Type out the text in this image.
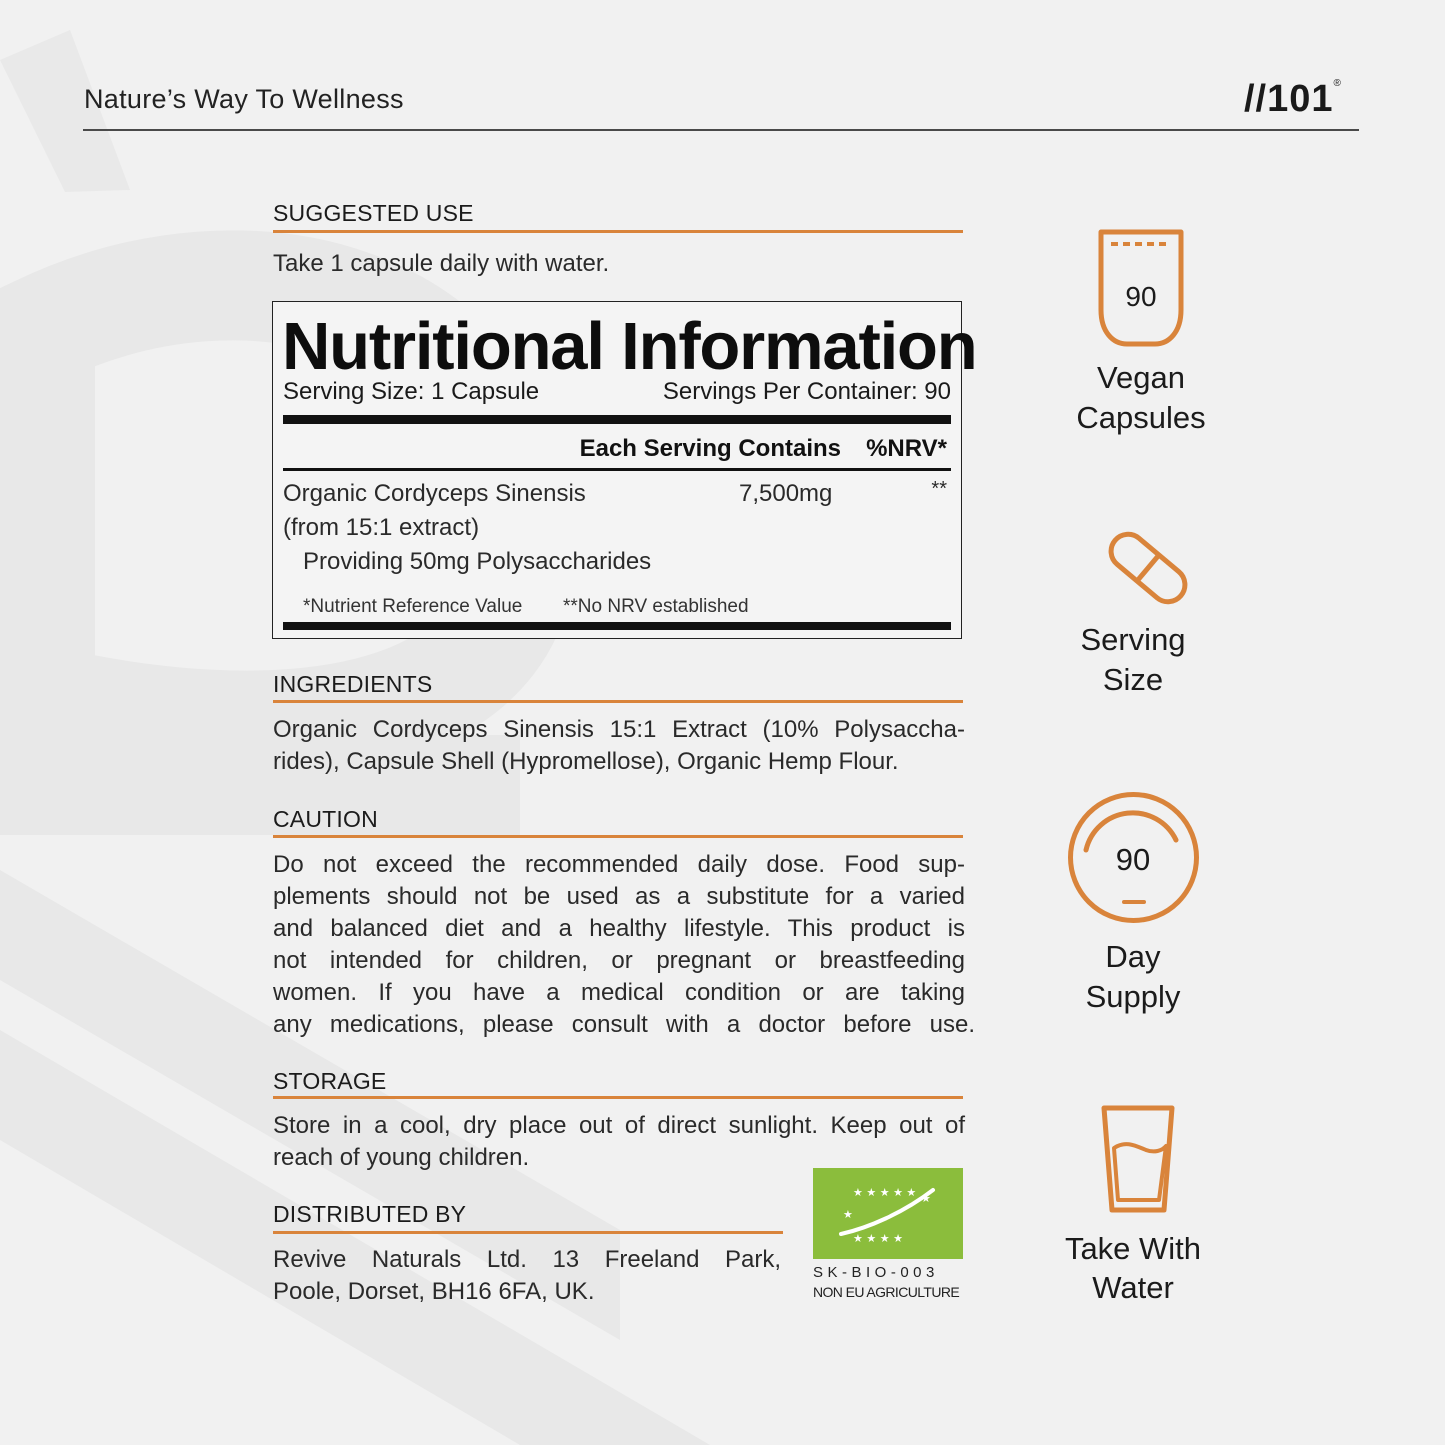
Nature’s Way To Wellness	//101®
SUGGESTED USE
Take 1 capsule daily with water.
Nutritional Information
Serving Size: 1 Capsule	Servings Per Container: 90
Each Serving Contains %NRV*
Organic Cordyceps Sinensis	7,500mg	**
(from 15:1 extract)
Providing 50mg Polysaccharides
*Nutrient Reference Value **No NRV established
INGREDIENTS
Organic Cordyceps Sinensis 15:1 Extract (10% Polysaccha-
rides), Capsule Shell (Hypromellose), Organic Hemp Flour.
CAUTION
Do not exceed the recommended daily dose. Food sup-
plements should not be used as a substitute for a varied
and balanced diet and a healthy lifestyle. This product is
not intended for children, or pregnant or breastfeeding
women. If you have a medical condition or are taking
any medications, please consult with a doctor before use.
STORAGE
Store in a cool, dry place out of direct sunlight. Keep out of
reach of young children.
DISTRIBUTED BY
Revive Naturals Ltd. 13 Freeland Park,
Poole, Dorset, BH16 6FA, UK.
★ ★ ★ ★ ★
★
★
★ ★ ★ ★
SK-BIO-003
NON EU AGRICULTURE
90
Vegan
Capsules
Serving
Size
90
Day
Supply
Take With
Water
